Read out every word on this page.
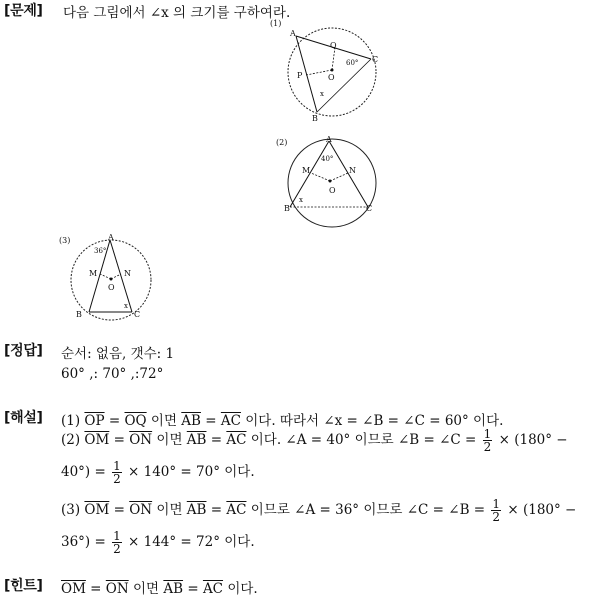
[문제] 다음 그림에서 ∠x 의 크기를 구하여라.
(1)
A
Q
C
60°
P	O
x
B
(2)	A
40°
M	N
O
x
B	C
(3)	A
36°
M	N
O
x
B	C
[정답] 순서: 없음, 갯수: 1
60° ,: 70° ,:72°
[해설] (1) $\overline{OP} = \overline{OQ}$ 이면 $\overline{AB} = \overline{AC}$ 이다. 따라서 ∠x = ∠B = ∠C = 60° 이다.
(2) $\overline{OM} = \overline{ON}$ 이면 $\overline{AB} = \overline{AC}$ 이다. ∠A = 40° 이므로 ∠B = ∠C = $\frac{1}{2} \times (180^\circ$ −
$40^\circ) = \frac{1}{2} \times 140^\circ = 70^\circ$ 이다.
(3) $\overline{OM} = \overline{ON}$ 이면 $\overline{AB} = \overline{AC}$ 이므로 ∠A = 36° 이므로 ∠C = ∠B = $\frac{1}{2} \times (180^\circ$ −
$36^\circ) = \frac{1}{2} \times 144^\circ = 72^\circ$ 이다.
[힌트] $\overline{OM} = \overline{ON}$ 이면 $\overline{AB} = \overline{AC}$ 이다.
